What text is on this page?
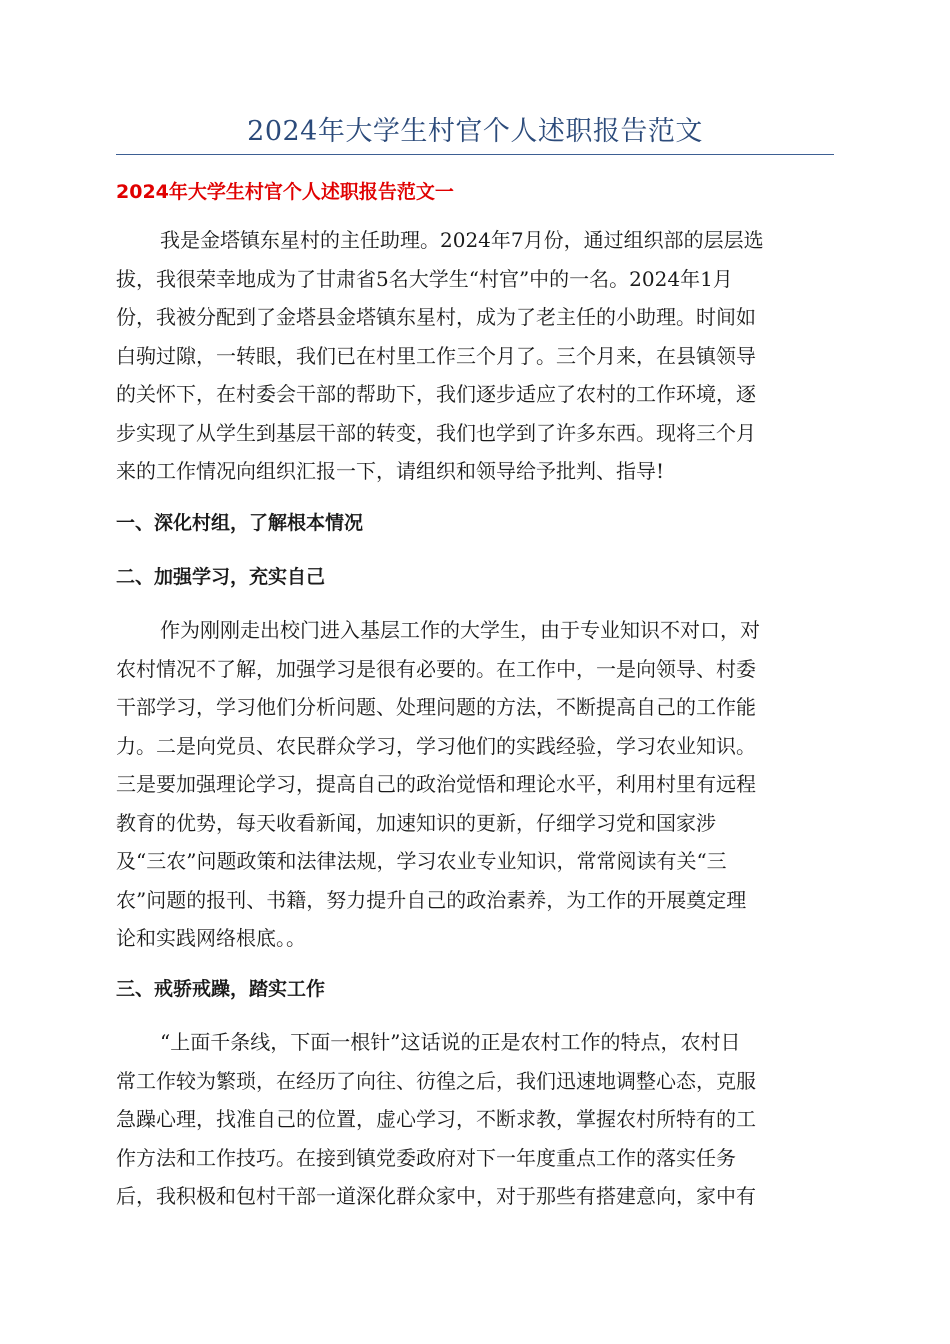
2024年大学生村官个人述职报告范文
2024年大学生村官个人述职报告范文一
我是金塔镇东星村的主任助理。2024年7月份，通过组织部的层层选
拔，我很荣幸地成为了甘肃省5名大学生“村官”中的一名。2024年1月
份，我被分配到了金塔县金塔镇东星村，成为了老主任的小助理。时间如
白驹过隙，一转眼，我们已在村里工作三个月了。三个月来，在县镇领导
的关怀下，在村委会干部的帮助下，我们逐步适应了农村的工作环境，逐
步实现了从学生到基层干部的转变，我们也学到了许多东西。现将三个月
来的工作情况向组织汇报一下，请组织和领导给予批判、指导!
一、深化村组，了解根本情况
二、加强学习，充实自己
作为刚刚走出校门进入基层工作的大学生，由于专业知识不对口，对
农村情况不了解，加强学习是很有必要的。在工作中，一是向领导、村委
干部学习，学习他们分析问题、处理问题的方法，不断提高自己的工作能
力。二是向党员、农民群众学习，学习他们的实践经验，学习农业知识。
三是要加强理论学习，提高自己的政治觉悟和理论水平，利用村里有远程
教育的优势，每天收看新闻，加速知识的更新，仔细学习党和国家涉
及“三农”问题政策和法律法规，学习农业专业知识，常常阅读有关“三
农”问题的报刊、书籍，努力提升自己的政治素养，为工作的开展奠定理
论和实践网络根底。。
三、戒骄戒躁，踏实工作
“上面千条线，下面一根针”这话说的正是农村工作的特点，农村日
常工作较为繁琐，在经历了向往、彷徨之后，我们迅速地调整心态，克服
急躁心理，找准自己的位置，虚心学习，不断求教，掌握农村所特有的工
作方法和工作技巧。在接到镇党委政府对下一年度重点工作的落实任务
后，我积极和包村干部一道深化群众家中，对于那些有搭建意向，家中有
